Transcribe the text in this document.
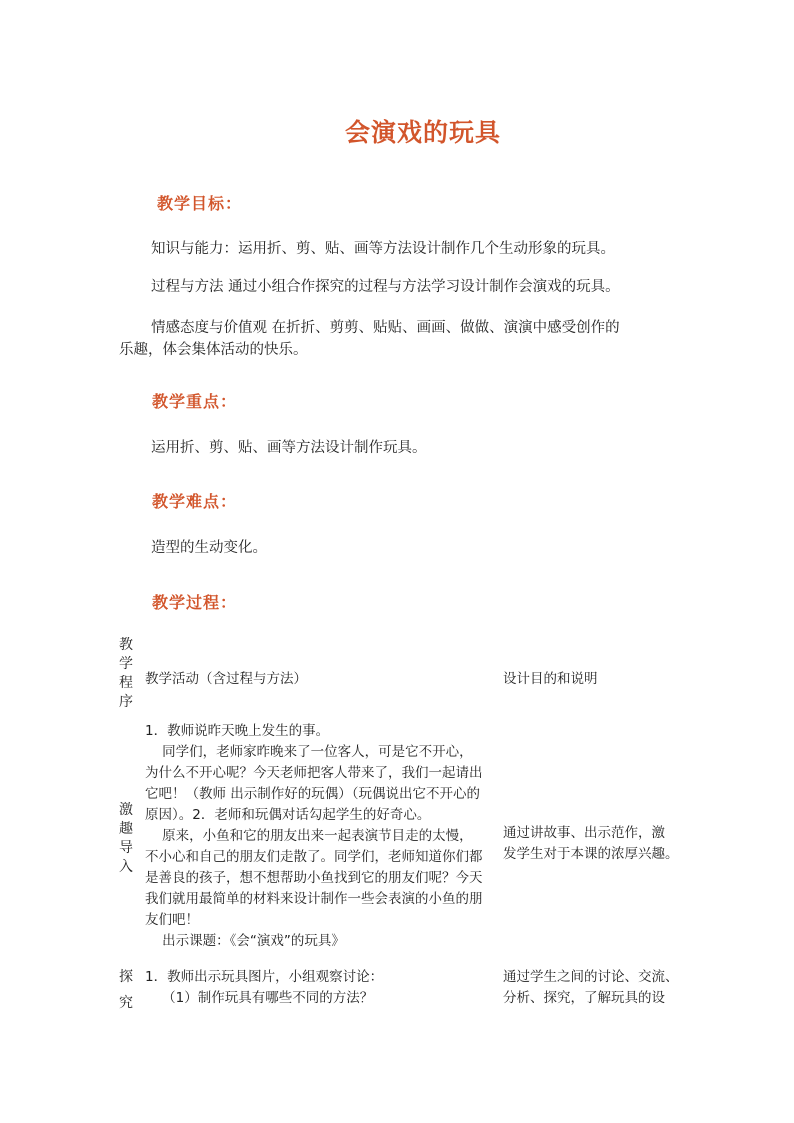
会演戏的玩具
教学目标：
知识与能力：运用折、剪、贴、画等方法设计制作几个生动形象的玩具。
过程与方法 通过小组合作探究的过程与方法学习设计制作会演戏的玩具。
情感态度与价值观 在折折、剪剪、贴贴、画画、做做、演演中感受创作的
乐趣，体会集体活动的快乐。
教学重点：
运用折、剪、贴、画等方法设计制作玩具。
教学难点：
造型的生动变化。
教学过程：
教
学
程
序
教学活动（含过程与方法）	设计目的和说明
激
趣
导
入
1．教师说昨天晚上发生的事。
同学们，老师家昨晚来了一位客人，可是它不开心，
为什么不开心呢？今天老师把客人带来了，我们一起请出
它吧！（教师 出示制作好的玩偶）（玩偶说出它不开心的
原因）。2．老师和玩偶对话勾起学生的好奇心。
原来，小鱼和它的朋友出来一起表演节目走的太慢，
不小心和自己的朋友们走散了。同学们，老师知道你们都
是善良的孩子，想不想帮助小鱼找到它的朋友们呢？今天
我们就用最简单的材料来设计制作一些会表演的小鱼的朋
友们吧！
出示课题：《会“演戏”的玩具》
通过讲故事、出示范作，激
发学生对于本课的浓厚兴趣。
探
究
1．教师出示玩具图片，小组观察讨论：
（1）制作玩具有哪些不同的方法？
通过学生之间的讨论、交流、
分析、探究，了解玩具的设
